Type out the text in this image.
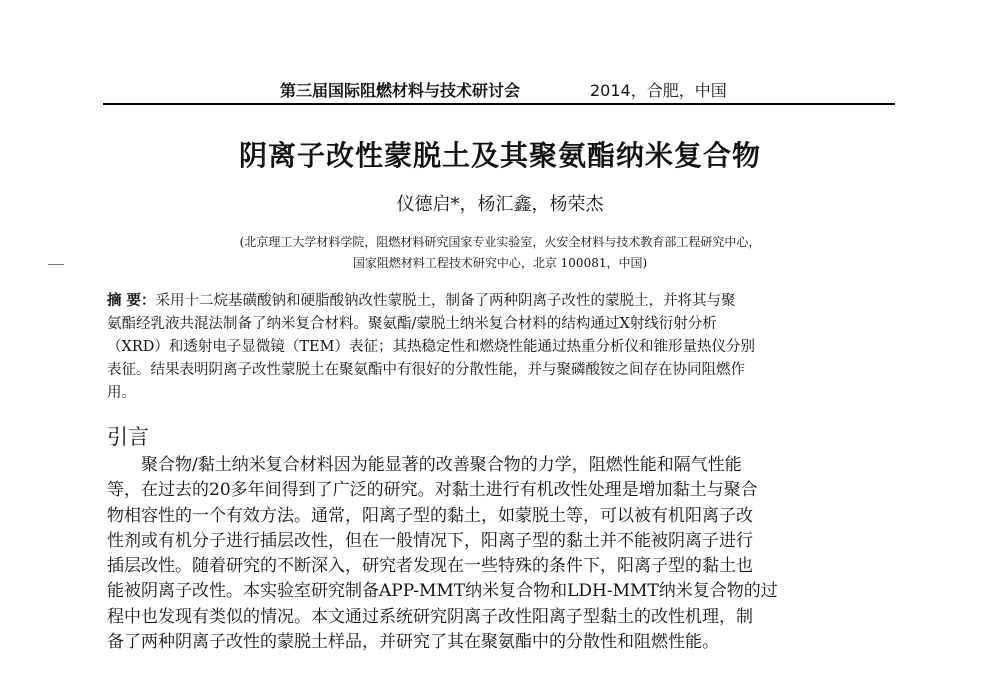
第三届国际阻燃材料与技术研讨会	2014，合肥，中国
阴离子改性蒙脱土及其聚氨酯纳米复合物
仪德启*，杨汇鑫，杨荣杰
(北京理工大学材料学院，阻燃材料研究国家专业实验室，火安全材料与技术教育部工程研究中心，
国家阻燃材料工程技术研究中心，北京 100081，中国)
摘 要：采用十二烷基磺酸钠和硬脂酸钠改性蒙脱土，制备了两种阴离子改性的蒙脱土，并将其与聚
氨酯经乳液共混法制备了纳米复合材料。聚氨酯/蒙脱土纳米复合材料的结构通过X射线衍射分析
（XRD）和透射电子显微镜（TEM）表征；其热稳定性和燃烧性能通过热重分析仪和锥形量热仪分别
表征。结果表明阴离子改性蒙脱土在聚氨酯中有很好的分散性能，并与聚磷酸铵之间存在协同阻燃作
用。
引言
聚合物/黏土纳米复合材料因为能显著的改善聚合物的力学，阻燃性能和隔气性能
等，在过去的20多年间得到了广泛的研究。对黏土进行有机改性处理是增加黏土与聚合
物相容性的一个有效方法。通常，阳离子型的黏土，如蒙脱土等，可以被有机阳离子改
性剂或有机分子进行插层改性，但在一般情况下，阳离子型的黏土并不能被阴离子进行
插层改性。随着研究的不断深入，研究者发现在一些特殊的条件下，阳离子型的黏土也
能被阴离子改性。本实验室研究制备APP-MMT纳米复合物和LDH-MMT纳米复合物的过
程中也发现有类似的情况。本文通过系统研究阴离子改性阳离子型黏土的改性机理，制
备了两种阴离子改性的蒙脱土样品，并研究了其在聚氨酯中的分散性和阻燃性能。
